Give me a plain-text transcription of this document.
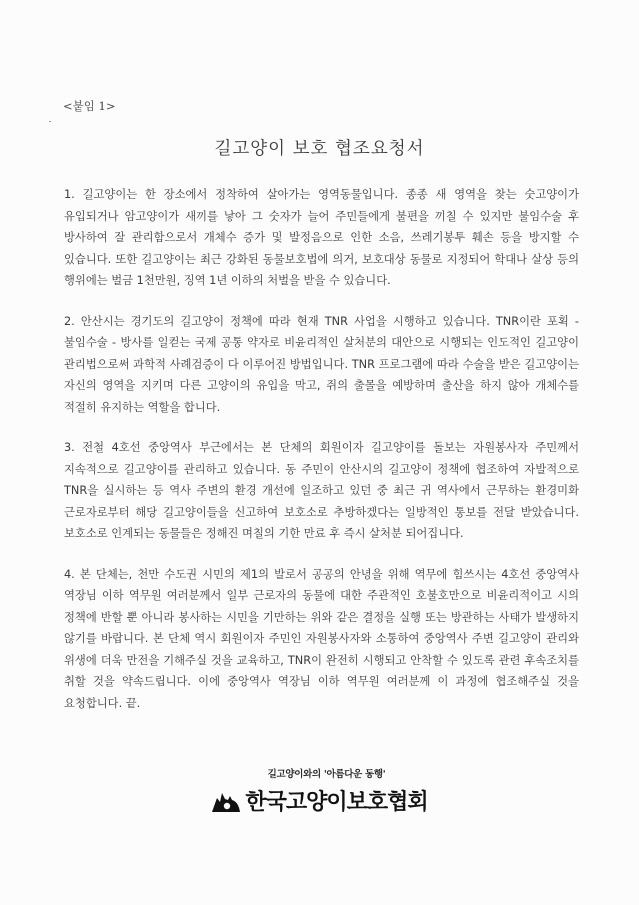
<붙임 1>
길고양이 보호 협조요청서

1. 길고양이는 한 장소에서 정착하여 살아가는 영역동물입니다. 종종 새 영역을 찾는 숫고양이가 유입되거나 암고양이가 새끼를 낳아 그 숫자가 늘어 주민들에게 불편을 끼칠 수 있지만 불임수술 후 방사하여 잘 관리함으로서 개체수 증가 및 발정음으로 인한 소음, 쓰레기봉투 훼손 등을 방지할 수 있습니다. 또한 길고양이는 최근 강화된 동물보호법에 의거, 보호대상 동물로 지정되어 학대나 살상 등의 행위에는 벌금 1천만원, 징역 1년 이하의 처벌을 받을 수 있습니다.

2. 안산시는 경기도의 길고양이 정책에 따라 현재 TNR 사업을 시행하고 있습니다. TNR이란 포획 - 불임수술 - 방사를 일컫는 국제 공통 약자로 비윤리적인 살처분의 대안으로 시행되는 인도적인 길고양이 관리법으로써 과학적 사례검증이 다 이루어진 방법입니다. TNR 프로그램에 따라 수술을 받은 길고양이는 자신의 영역을 지키며 다른 고양이의 유입을 막고, 쥐의 출몰을 예방하며 출산을 하지 않아 개체수를 적절히 유지하는 역할을 합니다.

3. 전철 4호선 중앙역사 부근에서는 본 단체의 회원이자 길고양이를 돌보는 자원봉사자 주민께서 지속적으로 길고양이를 관리하고 있습니다. 동 주민이 안산시의 길고양이 정책에 협조하여 자발적으로 TNR을 실시하는 등 역사 주변의 환경 개선에 일조하고 있던 중 최근 귀 역사에서 근무하는 환경미화 근로자로부터 해당 길고양이들을 신고하여 보호소로 추방하겠다는 일방적인 통보를 전달 받았습니다. 보호소로 인계되는 동물들은 정해진 며칠의 기한 만료 후 즉시 살처분 되어집니다.

4. 본 단체는, 천만 수도권 시민의 제1의 발로서 공공의 안녕을 위해 역무에 힘쓰시는 4호선 중앙역사 역장님 이하 역무원 여러분께서 일부 근로자의 동물에 대한 주관적인 호불호만으로 비윤리적이고 시의 정책에 반할 뿐 아니라 봉사하는 시민을 기만하는 위와 같은 결정을 실행 또는 방관하는 사태가 발생하지 않기를 바랍니다. 본 단체 역시 회원이자 주민인 자원봉사자와 소통하여 중앙역사 주변 길고양이 관리와 위생에 더욱 만전을 기해주실 것을 교육하고, TNR이 완전히 시행되고 안착할 수 있도록 관련 후속조치를 취할 것을 약속드립니다. 이에 중앙역사 역장님 이하 역무원 여러분께 이 과정에 협조해주실 것을 요청합니다. 끝.

길고양이와의 '아름다운 동행'
한국고양이보호협회
